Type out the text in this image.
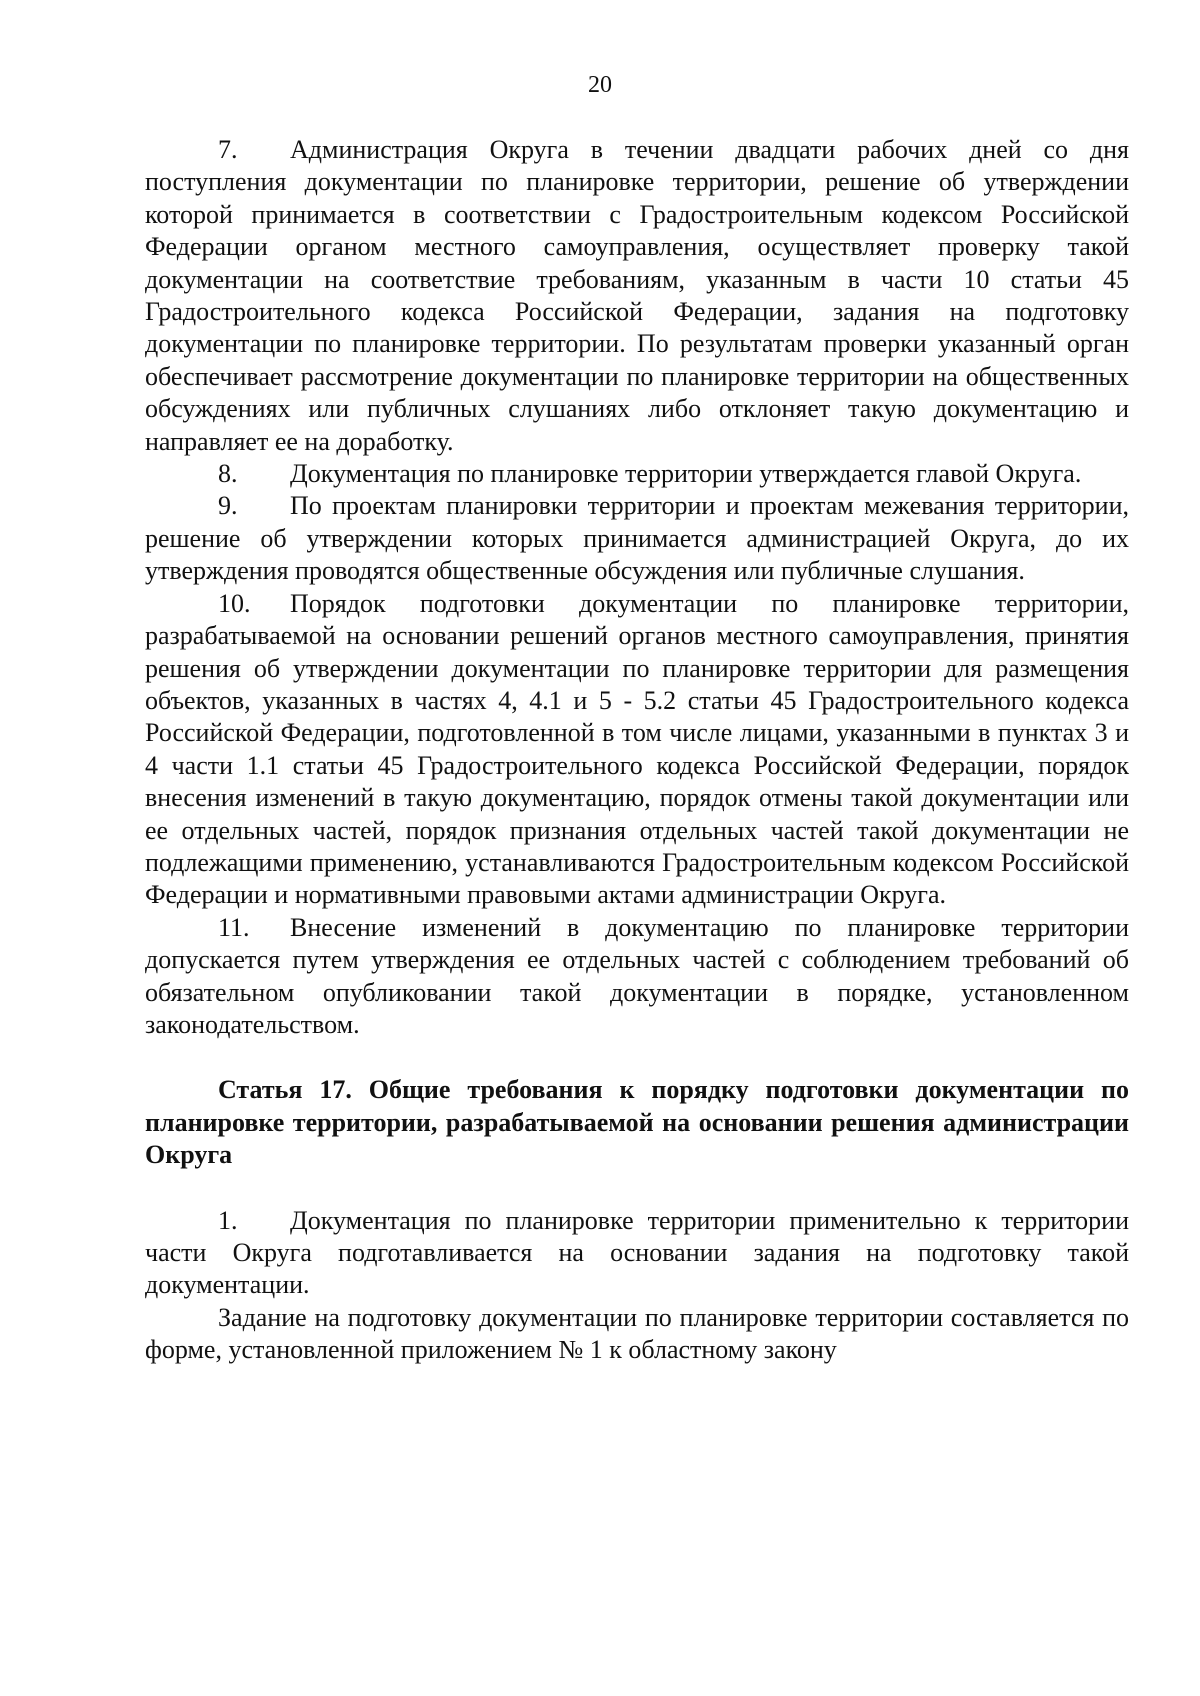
20

7. Администрация Округа в течении двадцати рабочих дней со дня поступления документации по планировке территории, решение об утверждении которой принимается в соответствии с Градостроительным кодексом Российской Федерации органом местного самоуправления, осуществляет проверку такой документации на соответствие требованиям, указанным в части 10 статьи 45 Градостроительного кодекса Российской Федерации, задания на подготовку документации по планировке территории. По результатам проверки указанный орган обеспечивает рассмотрение документации по планировке территории на общественных обсуждениях или публичных слушаниях либо отклоняет такую документацию и направляет ее на доработку.

8. Документация по планировке территории утверждается главой Округа.

9. По проектам планировки территории и проектам межевания территории, решение об утверждении которых принимается администрацией Округа, до их утверждения проводятся общественные обсуждения или публичные слушания.

10. Порядок подготовки документации по планировке территории, разрабатываемой на основании решений органов местного самоуправления, принятия решения об утверждении документации по планировке территории для размещения объектов, указанных в частях 4, 4.1 и 5 - 5.2 статьи 45 Градостроительного кодекса Российской Федерации, подготовленной в том числе лицами, указанными в пунктах 3 и 4 части 1.1 статьи 45 Градостроительного кодекса Российской Федерации, порядок внесения изменений в такую документацию, порядок отмены такой документации или ее отдельных частей, порядок признания отдельных частей такой документации не подлежащими применению, устанавливаются Градостроительным кодексом Российской Федерации и нормативными правовыми актами администрации Округа.

11. Внесение изменений в документацию по планировке территории допускается путем утверждения ее отдельных частей с соблюдением требований об обязательном опубликовании такой документации в порядке, установленном законодательством.

Статья 17. Общие требования к порядку подготовки документации по планировке территории, разрабатываемой на основании решения администрации Округа

1. Документация по планировке территории применительно к территории части Округа подготавливается на основании задания на подготовку такой документации.

Задание на подготовку документации по планировке территории составляется по форме, установленной приложением № 1 к областному закону
